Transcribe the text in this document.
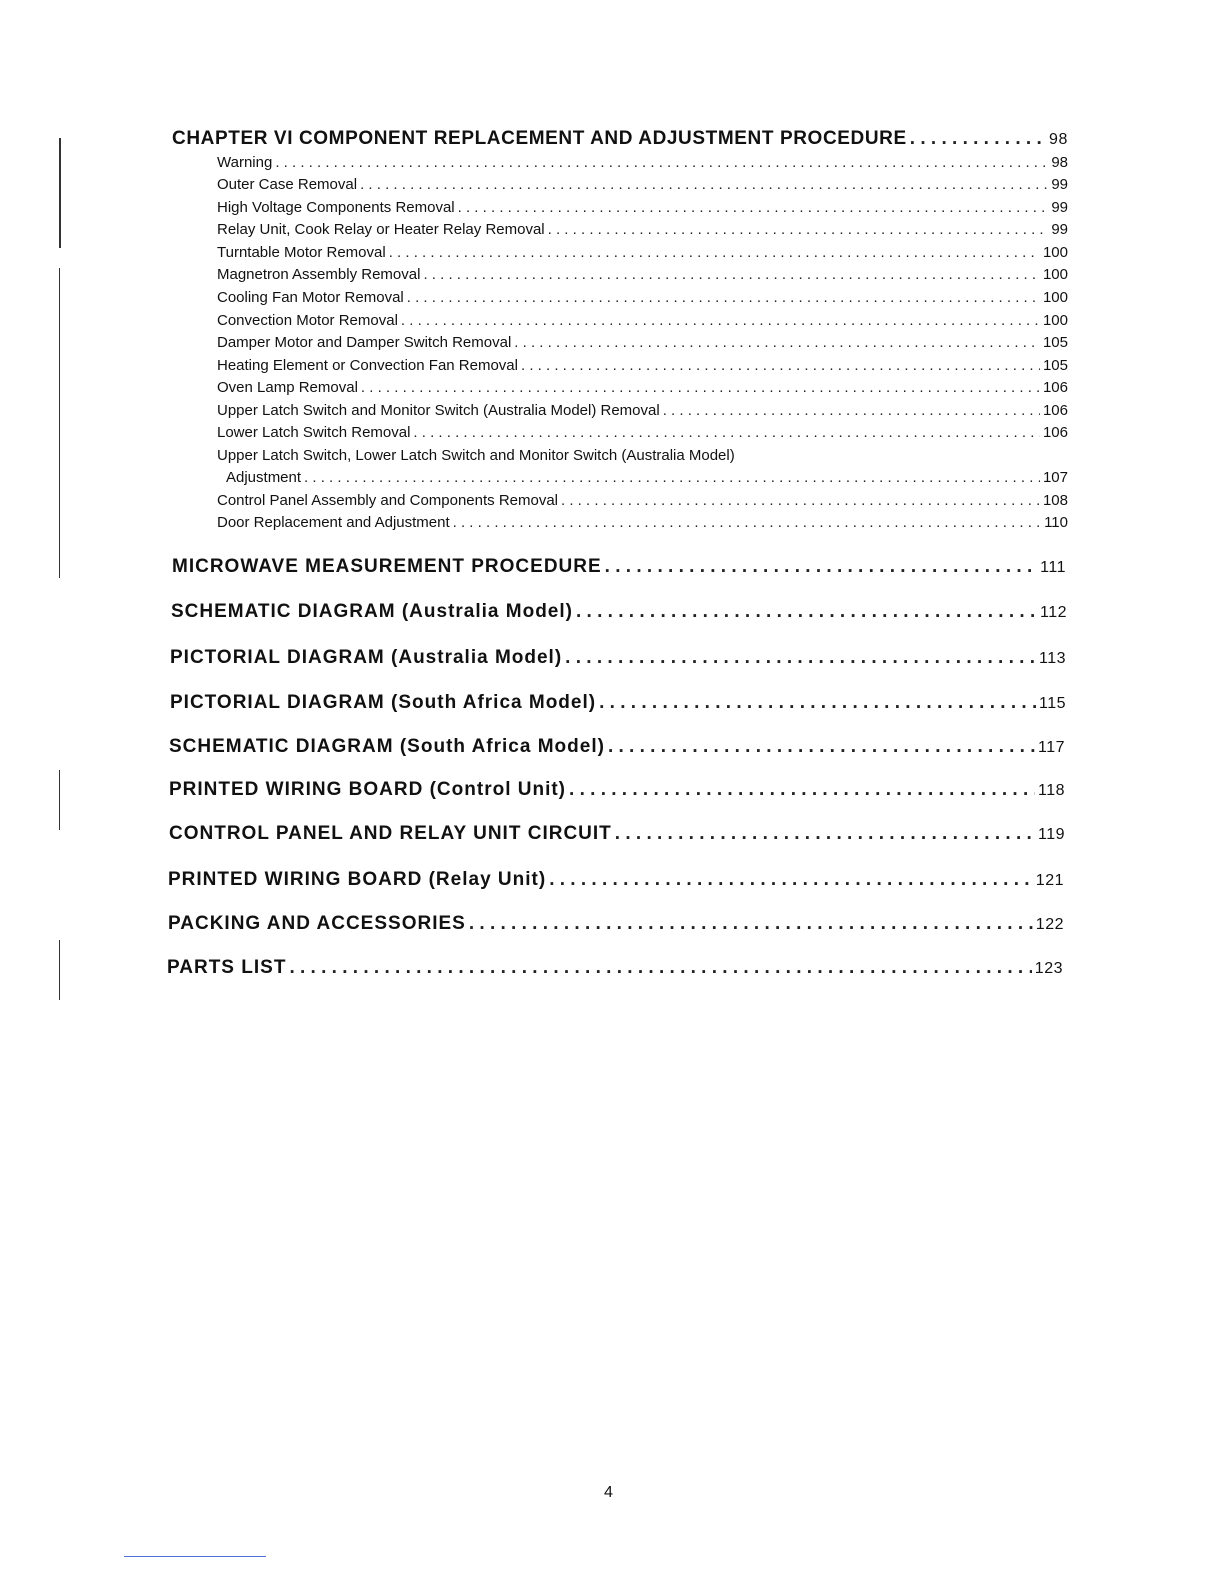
CHAPTER VI COMPONENT REPLACEMENT AND ADJUSTMENT PROCEDURE . . .	98
Warning . . .	98
Outer Case Removal . . .	99
High Voltage Components Removal . . .	99
Relay Unit, Cook Relay or Heater Relay Removal . . .	99
Turntable Motor Removal . . .	100
Magnetron Assembly Removal . . .	100
Cooling Fan Motor Removal . . .	100
Convection Motor Removal . . .	100
Damper Motor and Damper Switch Removal . . .	105
Heating Element or Convection Fan Removal . . .	105
Oven Lamp Removal . . .	106
Upper Latch Switch and Monitor Switch (Australia Model) Removal . . .	106
Lower Latch Switch Removal . . .	106
Upper Latch Switch, Lower Latch Switch and Monitor Switch (Australia Model)
Adjustment . . .	107
Control Panel Assembly and Components Removal . . .	108
Door Replacement and Adjustment . . .	110
MICROWAVE MEASUREMENT PROCEDURE . . .	111
SCHEMATIC DIAGRAM (Australia Model) . . .	112
PICTORIAL DIAGRAM (Australia Model) . . .	113
PICTORIAL DIAGRAM (South Africa Model) . . .	115
SCHEMATIC DIAGRAM (South Africa Model) . . .	117
PRINTED WIRING BOARD (Control Unit) . . .	118
CONTROL PANEL AND RELAY UNIT CIRCUIT . . .	119
PRINTED WIRING BOARD (Relay Unit) . . .	121
PACKING AND ACCESSORIES . . .	122
PARTS LIST . . .	123
4
